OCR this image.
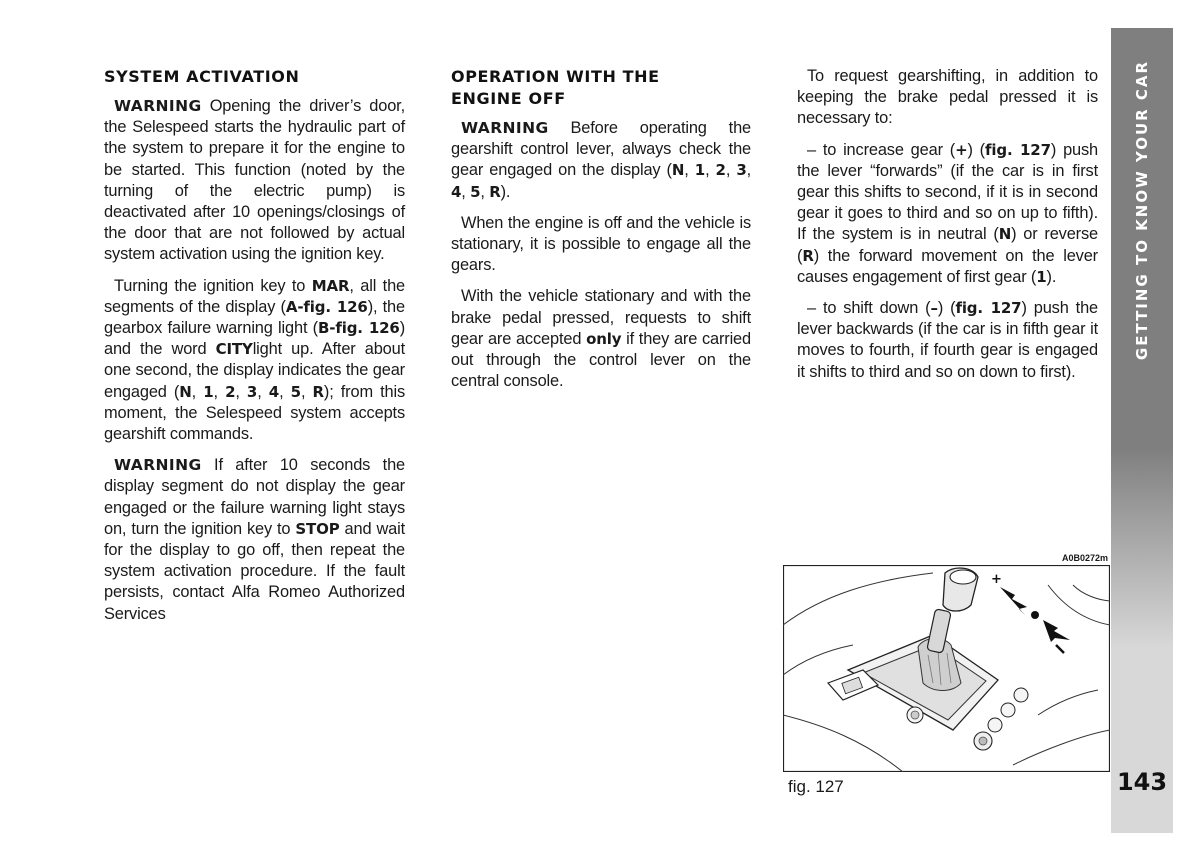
SYSTEM ACTIVATION

WARNING Opening the driver’s door, the Selespeed starts the hydraulic part of the system to prepare it for the engine to be started. This function (noted by the turning of the electric pump) is deactivated after 10 openings/closings of the door that are not followed by actual system activation using the ignition key.

Turning the ignition key to MAR, all the segments of the display (A-fig. 126), the gearbox failure warning light (B-fig. 126) and the word CITYlight up. After about one second, the display indicates the gear engaged (N, 1, 2, 3, 4, 5, R); from this moment, the Selespeed system accepts gearshift commands.

WARNING If after 10 seconds the display segment do not display the gear engaged or the failure warning light stays on, turn the ignition key to STOP and wait for the display to go off, then repeat the system activation procedure. If the fault persists, contact Alfa Romeo Authorized Services

OPERATION WITH THE ENGINE OFF

WARNING Before operating the gearshift control lever, always check the gear engaged on the display (N, 1, 2, 3, 4, 5, R).

When the engine is off and the vehicle is stationary, it is possible to engage all the gears.

With the vehicle stationary and with the brake pedal pressed, requests to shift gear are accepted only if they are carried out through the control lever on the central console.

To request gearshifting, in addition to keeping the brake pedal pressed it is necessary to:

– to increase gear (+) (fig. 127) push the lever “forwards” (if the car is in first gear this shifts to second, if it is in second gear it goes to third and so on up to fifth). If the system is in neutral (N) or reverse (R) the forward movement on the lever causes engagement of first gear (1).

– to shift down (–) (fig. 127) push the lever backwards (if the car is in fifth gear it moves to fourth, if fourth gear is engaged it shifts to third and so on down to first).

GETTING TO KNOW YOUR CAR
143
A0B0272m
+
fig. 127
